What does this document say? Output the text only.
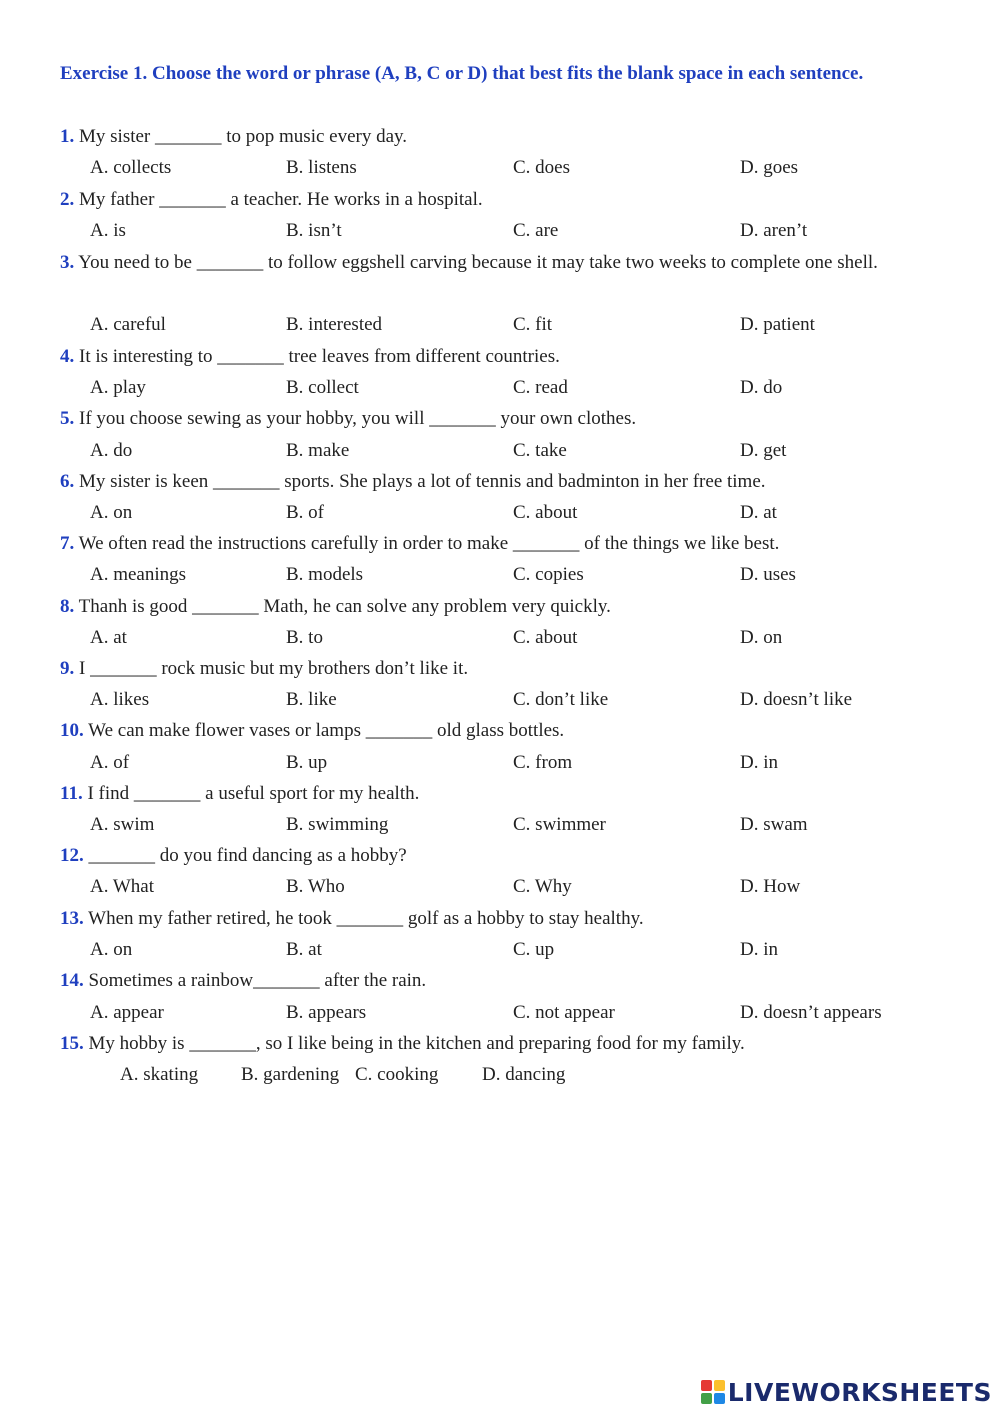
Exercise 1. Choose the word or phrase (A, B, C or D) that best fits the blank space in each sentence.
1. My sister _______ to pop music every day.
A. collects	B. listens	C. does	D. goes
2. My father _______ a teacher. He works in a hospital.
A. is	B. isn’t	C. are	D. aren’t
3. You need to be _______ to follow eggshell carving because it may take two weeks to complete one shell.
A. careful	B. interested	C. fit	D. patient
4. It is interesting to _______ tree leaves from different countries.
A. play	B. collect	C. read	D. do
5. If you choose sewing as your hobby, you will _______ your own clothes.
A. do	B. make	C. take	D. get
6. My sister is keen _______ sports. She plays a lot of tennis and badminton in her free time.
A. on	B. of	C. about	D. at
7. We often read the instructions carefully in order to make _______ of the things we like best.
A. meanings	B. models	C. copies	D. uses
8. Thanh is good _______ Math, he can solve any problem very quickly.
A. at	B. to	C. about	D. on
9. I _______ rock music but my brothers don’t like it.
A. likes	B. like	C. don’t like	D. doesn’t like
10. We can make flower vases or lamps _______ old glass bottles.
A. of	B. up	C. from	D. in
11. I find _______ a useful sport for my health.
A. swim	B. swimming	C. swimmer	D. swam
12. _______ do you find dancing as a hobby?
A. What	B. Who	C. Why	D. How
13. When my father retired, he took _______ golf as a hobby to stay healthy.
A. on	B. at	C. up	D. in
14. Sometimes a rainbow_______ after the rain.
A. appear	B. appears	C. not appear	D. doesn’t appears
15. My hobby is _______, so I like being in the kitchen and preparing food for my family.
A. skating B. gardening C. cooking D. dancing
LIVEWORKSHEETS
